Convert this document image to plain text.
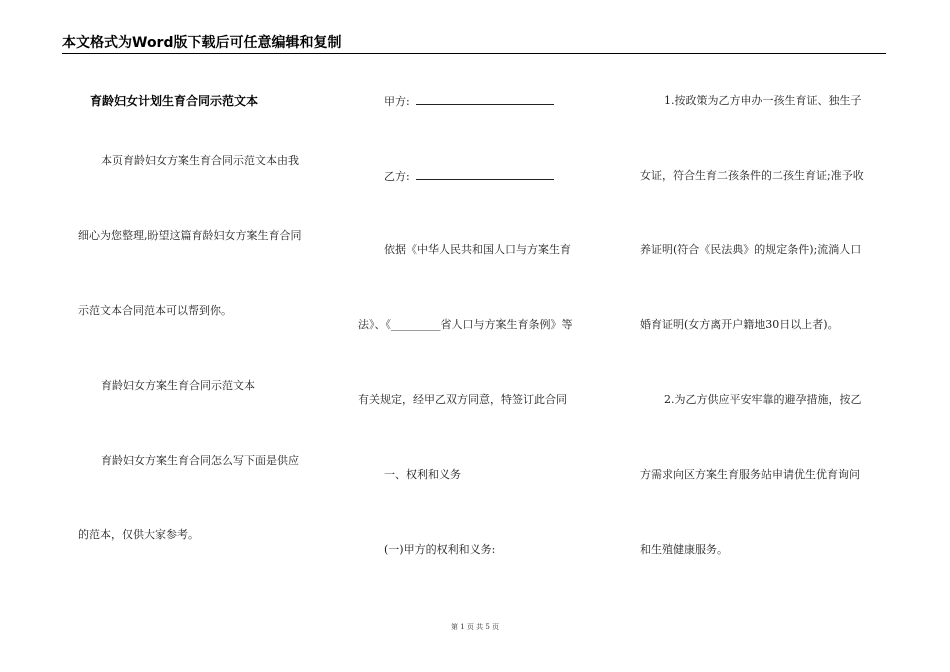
本文格式为Word版下载后可任意编辑和复制
育龄妇女计划生育合同示范文本
本页育龄妇女方案生育合同示范文本由我
细心为您整理,盼望这篇育龄妇女方案生育合同
示范文本合同范本可以帮到你。
育龄妇女方案生育合同示范文本
育龄妇女方案生育合同怎么写下面是供应
的范本，仅供大家参考。
甲方:
乙方:
依据《中华人民共和国人口与方案生育
法》、《_________省人口与方案生育条例》等
有关规定，经甲乙双方同意，特签订此合同
一、权利和义务
(一)甲方的权利和义务:
1.按政策为乙方申办一孩生育证、独生子
女证，符合生育二孩条件的二孩生育证;准予收
养证明(符合《民法典》的规定条件);流淌人口
婚育证明(女方离开户籍地30日以上者)。
2.为乙方供应平安牢靠的避孕措施，按乙
方需求向区方案生育服务站申请优生优育询问
和生殖健康服务。
第 1 页 共 5 页
